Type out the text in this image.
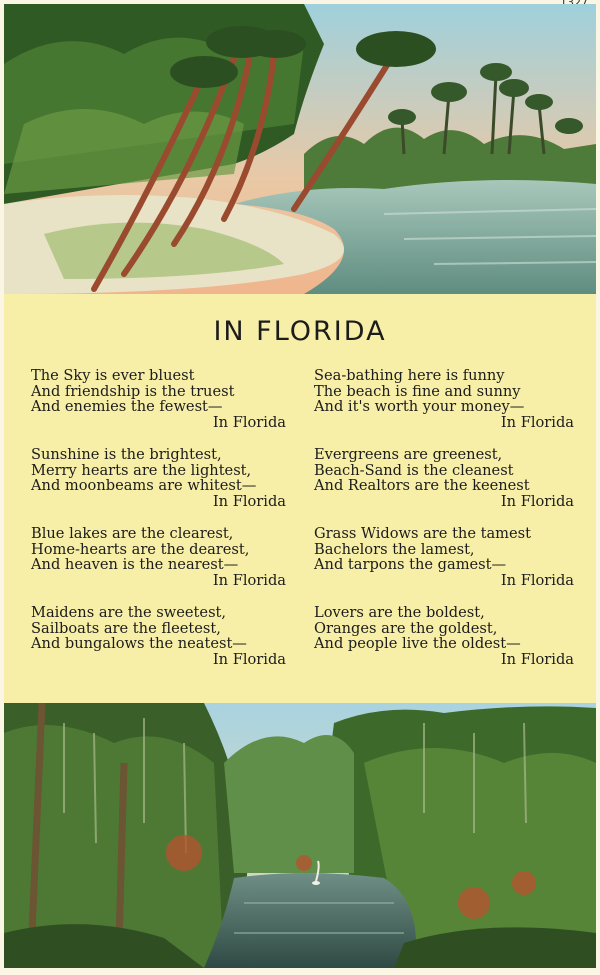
IN FLORIDA
The Sky is ever bluest
And friendship is the truest
And enemies the fewest—
In Florida
Sunshine is the brightest,
Merry hearts are the lightest,
And moonbeams are whitest—
In Florida
Blue lakes are the clearest,
Home-hearts are the dearest,
And heaven is the nearest—
In Florida
Maidens are the sweetest,
Sailboats are the fleetest,
And bungalows the neatest—
In Florida
Sea-bathing here is funny
The beach is fine and sunny
And it's worth your money—
In Florida
Evergreens are greenest,
Beach-Sand is the cleanest
And Realtors are the keenest
In Florida
Grass Widows are the tamest
Bachelors the lamest,
And tarpons the gamest—
In Florida
Lovers are the boldest,
Oranges are the goldest,
And people live the oldest—
In Florida
